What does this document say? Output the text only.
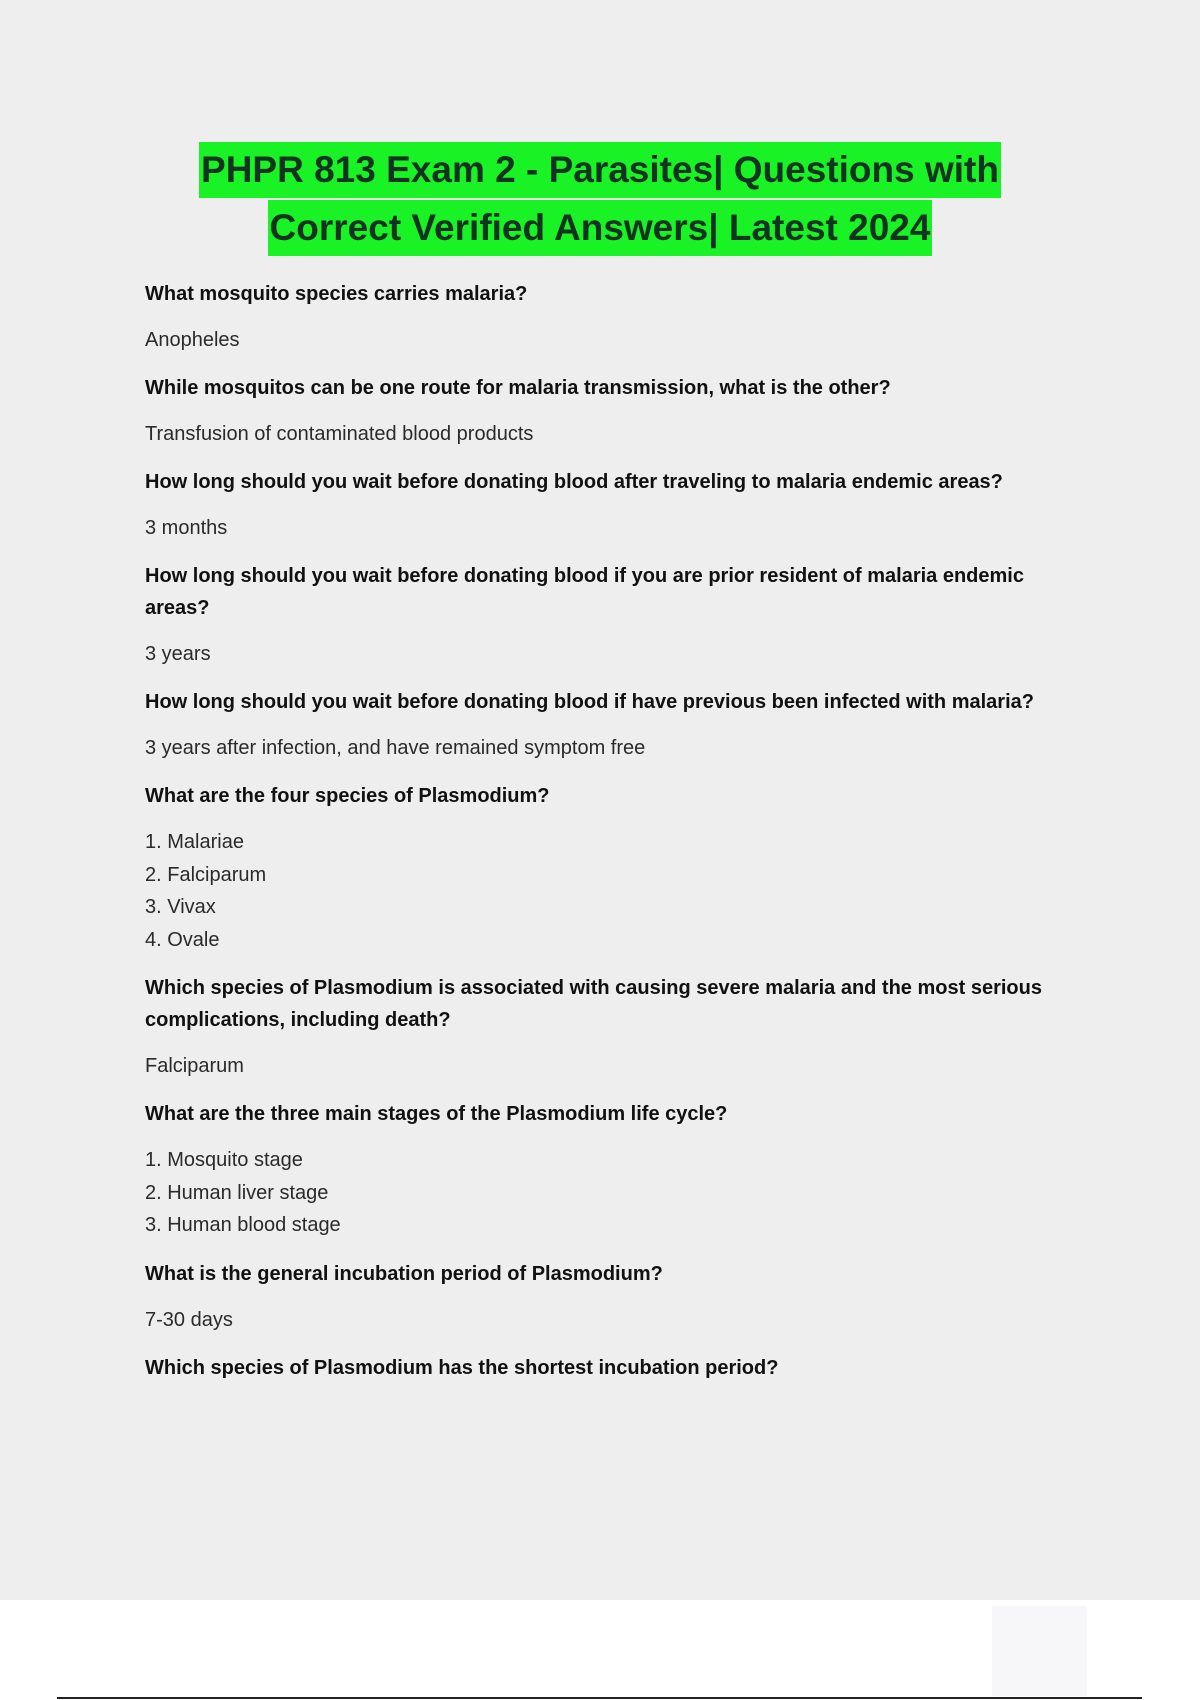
PHPR 813 Exam 2 - Parasites| Questions with
Correct Verified Answers| Latest 2024

What mosquito species carries malaria?

Anopheles

While mosquitos can be one route for malaria transmission, what is the other?

Transfusion of contaminated blood products

How long should you wait before donating blood after traveling to malaria endemic areas?

3 months

How long should you wait before donating blood if you are prior resident of malaria endemic areas?

3 years

How long should you wait before donating blood if have previous been infected with malaria?

3 years after infection, and have remained symptom free

What are the four species of Plasmodium?

1. Malariae
2. Falciparum
3. Vivax
4. Ovale

Which species of Plasmodium is associated with causing severe malaria and the most serious complications, including death?

Falciparum

What are the three main stages of the Plasmodium life cycle?

1. Mosquito stage
2. Human liver stage
3. Human blood stage

What is the general incubation period of Plasmodium?

7-30 days

Which species of Plasmodium has the shortest incubation period?
